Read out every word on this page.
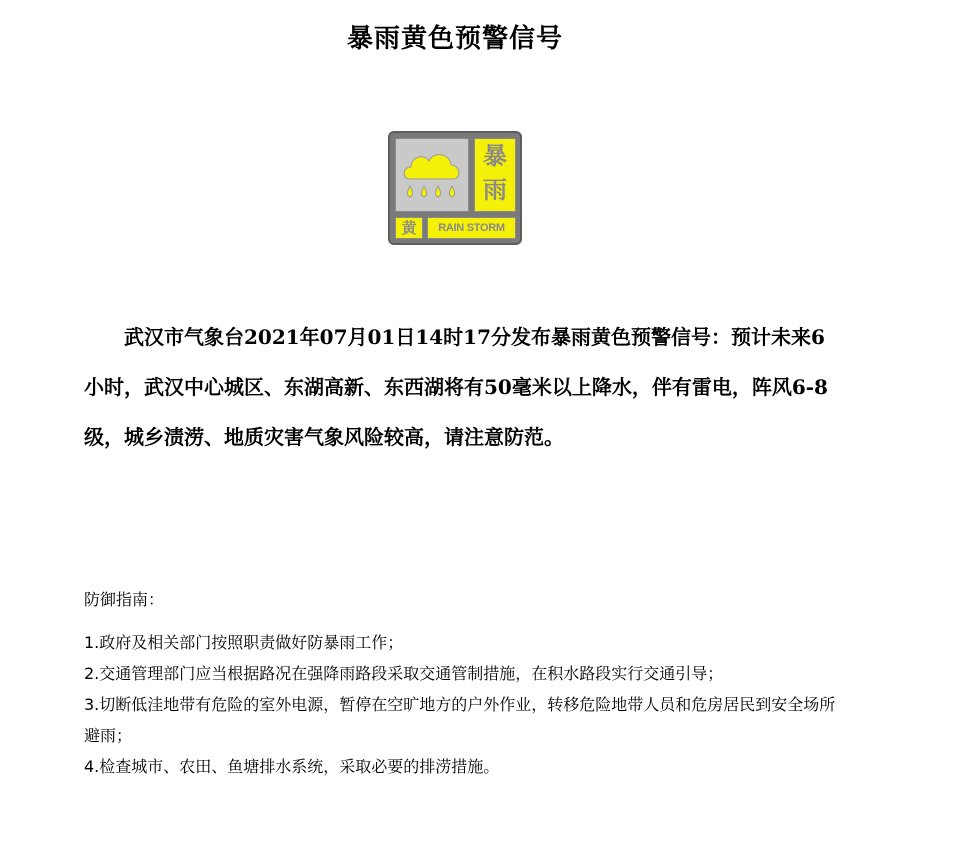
暴雨黄色预警信号
暴
雨
黄	RAIN STORM

武汉市气象台2021年07月01日14时17分发布暴雨黄色预警信号：预计未来6小时，武汉中心城区、东湖高新、东西湖将有50毫米以上降水，伴有雷电，阵风6-8级，城乡渍涝、地质灾害气象风险较高，请注意防范。

防御指南：
1.政府及相关部门按照职责做好防暴雨工作；
2.交通管理部门应当根据路况在强降雨路段采取交通管制措施，在积水路段实行交通引导；
3.切断低洼地带有危险的室外电源，暂停在空旷地方的户外作业，转移危险地带人员和危房居民到安全场所避雨；
4.检查城市、农田、鱼塘排水系统，采取必要的排涝措施。
